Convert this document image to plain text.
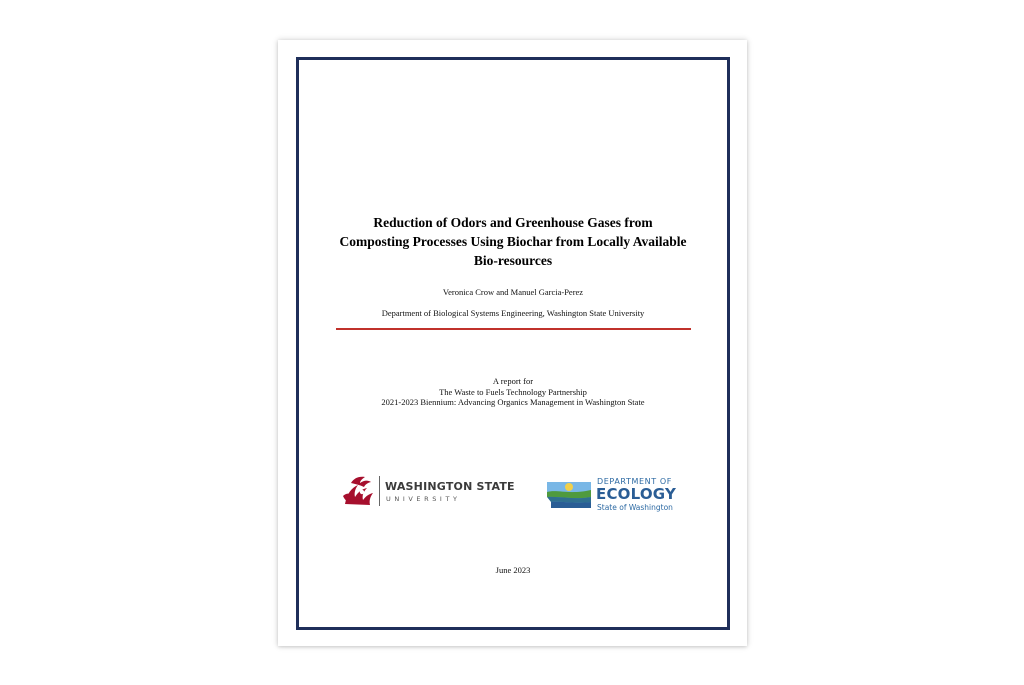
Reduction of Odors and Greenhouse Gases from
Composting Processes Using Biochar from Locally Available
Bio-resources
Veronica Crow and Manuel Garcia-Perez
Department of Biological Systems Engineering, Washington State University
A report for
The Waste to Fuels Technology Partnership
2021-2023 Biennium: Advancing Organics Management in Washington State
WASHINGTON STATE
UNIVERSITY
DEPARTMENT OF
ECOLOGY
State of Washington
June 2023
